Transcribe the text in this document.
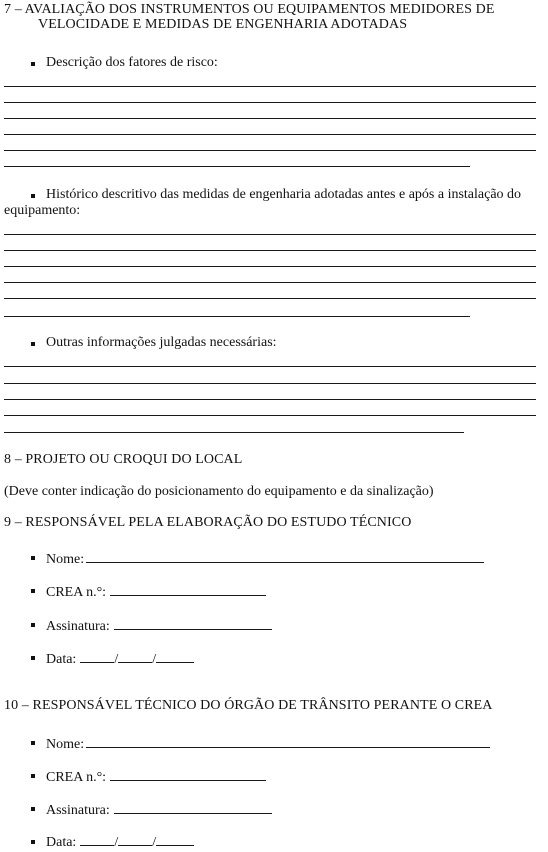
7 – AVALIAÇÃO DOS INSTRUMENTOS OU EQUIPAMENTOS MEDIDORES DE
VELOCIDADE E MEDIDAS DE ENGENHARIA ADOTADAS
Descrição dos fatores de risco:
Histórico descritivo das medidas de engenharia adotadas antes e após a instalação do
equipamento:
Outras informações julgadas necessárias:
8 – PROJETO OU CROQUI DO LOCAL
(Deve conter indicação do posicionamento do equipamento e da sinalização)
9 – RESPONSÁVEL PELA ELABORAÇÃO DO ESTUDO TÉCNICO
Nome:
CREA n.°:
Assinatura:
Data:	/ /
10 – RESPONSÁVEL TÉCNICO DO ÓRGÃO DE TRÂNSITO PERANTE O CREA
Nome:
CREA n.°:
Assinatura:
Data:	/ /
